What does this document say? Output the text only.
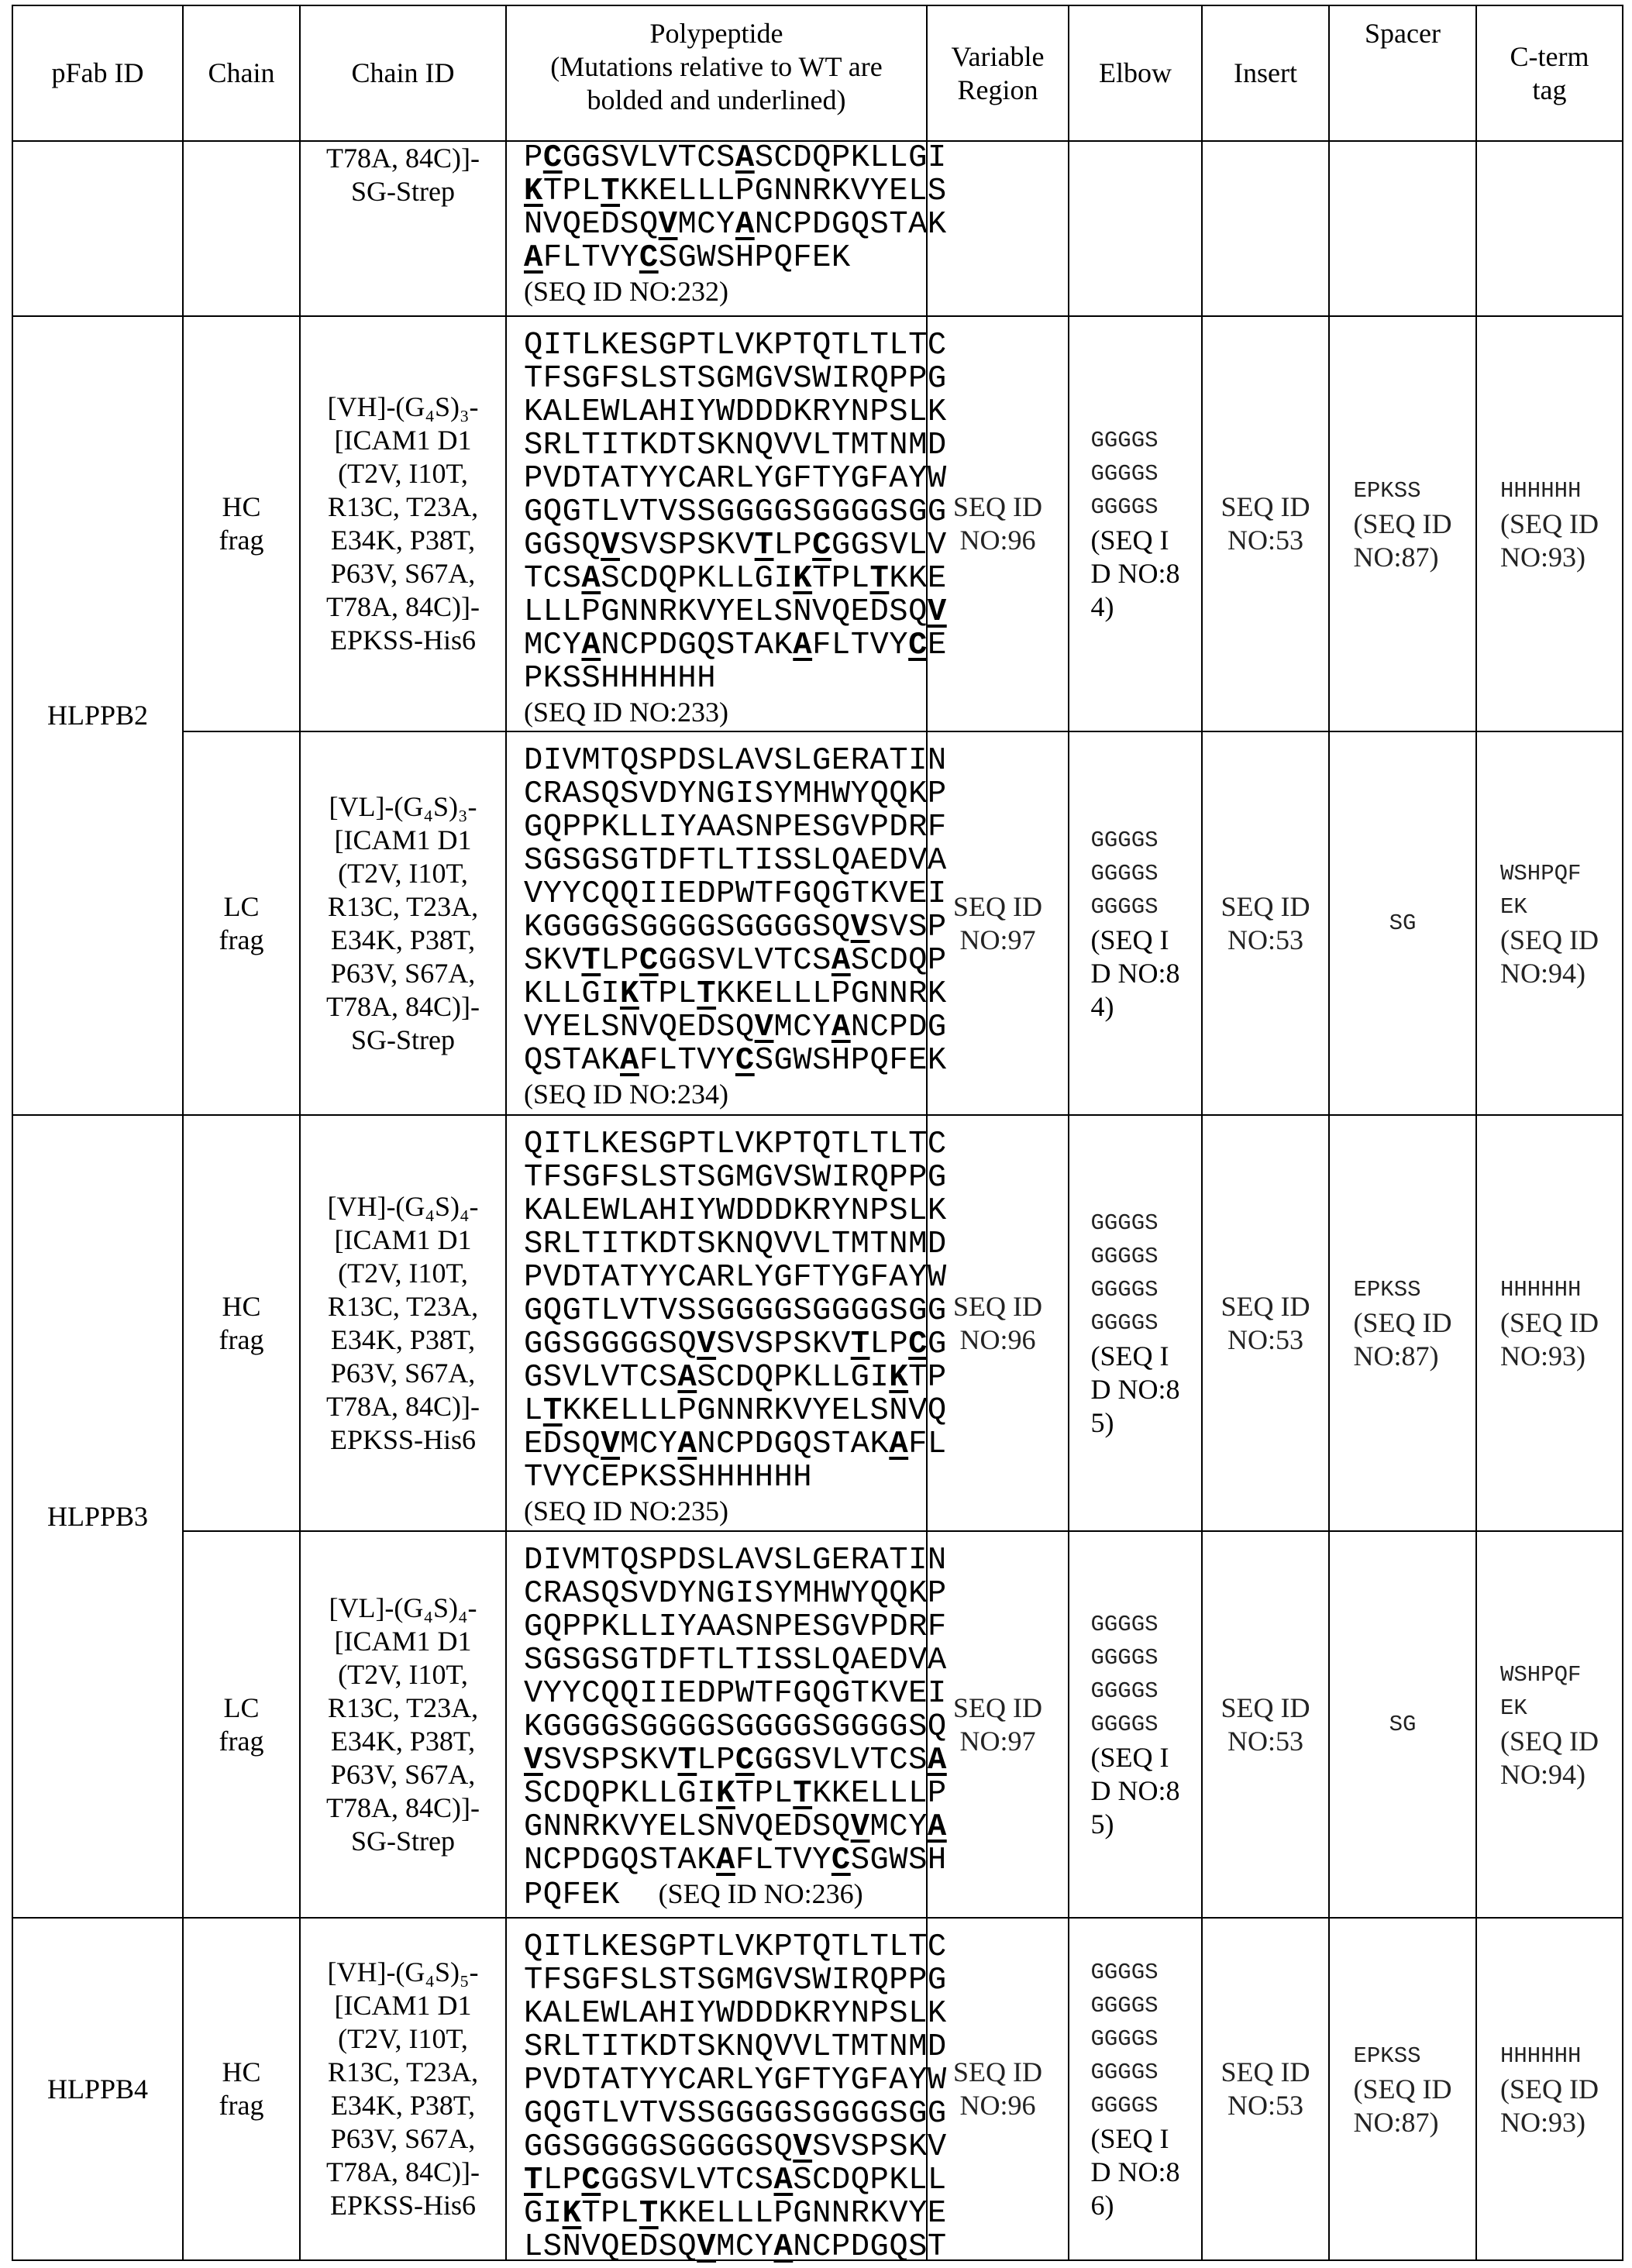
pFab ID Chain	Chain ID
Polypeptide
(Mutations relative to WT are
bolded and underlined)
Variable
Region
Elbow Insert
Spacer
C-term
tag
HLPPB2
HLPPB3
HLPPB4
T78A, 84C)]-
SG-Strep
PCGGSVLVTCSASCDQPKLLGI
KTPLTKKELLLPGNNRKVYELS
NVQEDSQVMCYANCPDGQSTAK
AFLTVYCSGWSHPQFEK
(SEQ ID NO:232)
HC
frag
[VH]-(G₄S)₃-
[ICAM1 D1
(T2V, I10T,
R13C, T23A,
E34K, P38T,
P63V, S67A,
T78A, 84C)]-
EPKSS-His6
QITLKESGPTLVKPTQTLTLTC
TFSGFSLSTSGMGVSWIRQPPG
KALEWLAHIYWDDDKRYNPSLK
SRLTITKDTSKNQVVLTMTNMD
PVDTATYYCARLYGFTYGFAYW
GQGTLVTVSSGGGGSGGGGSGG
GGSQVSVSPSKVTLPCGGSVLV
TCSASCDQPKLLGIKTPLTKKE
LLLPGNNRKVYELSNVQEDSQV
MCYANCPDGQSTAKAFLTVYCE
PKSSHHHHHH
(SEQ ID NO:233)
SEQ ID
NO:96
GGGGS
GGGGS
GGGGS
(SEQ I
D NO:8
4)
SEQ ID
NO:53
EPKSS
(SEQ ID
NO:87)
HHHHHH
(SEQ ID
NO:93)
LC
frag
[VL]-(G₄S)₃-
[ICAM1 D1
(T2V, I10T,
R13C, T23A,
E34K, P38T,
P63V, S67A,
T78A, 84C)]-
SG-Strep
DIVMTQSPDSLAVSLGERATIN
CRASQSVDYNGISYMHWYQQKP
GQPPKLLIYAASNPESGVPDRF
SGSGSGTDFTLTISSLQAEDVA
VYYCQQIIEDPWTFGQGTKVEI
KGGGGSGGGGSGGGGSQVSVSP
SKVTLPCGGSVLVTCSASCDQP
KLLGIKTPLTKKELLLPGNNRK
VYELSNVQEDSQVMCYANCPDG
QSTAKAFLTVYCSGWSHPQFEK
(SEQ ID NO:234)
SEQ ID
NO:97
GGGGS
GGGGS
GGGGS
(SEQ I
D NO:8
4)
SEQ ID
NO:53
SG
WSHPQF
EK
(SEQ ID
NO:94)
HC
frag
[VH]-(G₄S)₄-
[ICAM1 D1
(T2V, I10T,
R13C, T23A,
E34K, P38T,
P63V, S67A,
T78A, 84C)]-
EPKSS-His6
QITLKESGPTLVKPTQTLTLTC
TFSGFSLSTSGMGVSWIRQPPG
KALEWLAHIYWDDDKRYNPSLK
SRLTITKDTSKNQVVLTMTNMD
PVDTATYYCARLYGFTYGFAYW
GQGTLVTVSSGGGGSGGGGSGG
GGSGGGGSQVSVSPSKVTLPCG
GSVLVTCSASCDQPKLLGIKTP
LTKKELLLPGNNRKVYELSNVQ
EDSQVMCYANCPDGQSTAKAFL
TVYCEPKSSHHHHHH
(SEQ ID NO:235)
SEQ ID
NO:96
GGGGS
GGGGS
GGGGS
GGGGS
(SEQ I
D NO:8
5)
SEQ ID
NO:53
EPKSS
(SEQ ID
NO:87)
HHHHHH
(SEQ ID
NO:93)
LC
frag
[VL]-(G₄S)₄-
[ICAM1 D1
(T2V, I10T,
R13C, T23A,
E34K, P38T,
P63V, S67A,
T78A, 84C)]-
SG-Strep
DIVMTQSPDSLAVSLGERATIN
CRASQSVDYNGISYMHWYQQKP
GQPPKLLIYAASNPESGVPDRF
SGSGSGTDFTLTISSLQAEDVA
VYYCQQIIEDPWTFGQGTKVEI
KGGGGSGGGGSGGGGSGGGGSQ
VSVSPSKVTLPCGGSVLVTCSA
SCDQPKLLGIKTPLTKKELLLP
GNNRKVYELSNVQEDSQVMCYA
NCPDGQSTAKAFLTVYCSGWSH
PQFEK (SEQ ID NO:236)
SEQ ID
NO:97
GGGGS
GGGGS
GGGGS
GGGGS
(SEQ I
D NO:8
5)
SEQ ID
NO:53
SG
WSHPQF
EK
(SEQ ID
NO:94)
HC
frag
[VH]-(G₄S)₅-
[ICAM1 D1
(T2V, I10T,
R13C, T23A,
E34K, P38T,
P63V, S67A,
T78A, 84C)]-
EPKSS-His6
QITLKESGPTLVKPTQTLTLTC
TFSGFSLSTSGMGVSWIRQPPG
KALEWLAHIYWDDDKRYNPSLK
SRLTITKDTSKNQVVLTMTNMD
PVDTATYYCARLYGFTYGFAYW
GQGTLVTVSSGGGGSGGGGSGG
GGSGGGGSGGGGSQVSVSPSKV
TLPCGGSVLVTCSASCDQPKLL
GIKTPLTKKELLLPGNNRKVYE
LSNVQEDSQVMCYANCPDGQST
SEQ ID
NO:96
GGGGS
GGGGS
GGGGS
GGGGS
GGGGS
(SEQ I
D NO:8
6)
SEQ ID
NO:53
EPKSS
(SEQ ID
NO:87)
HHHHHH
(SEQ ID
NO:93)
